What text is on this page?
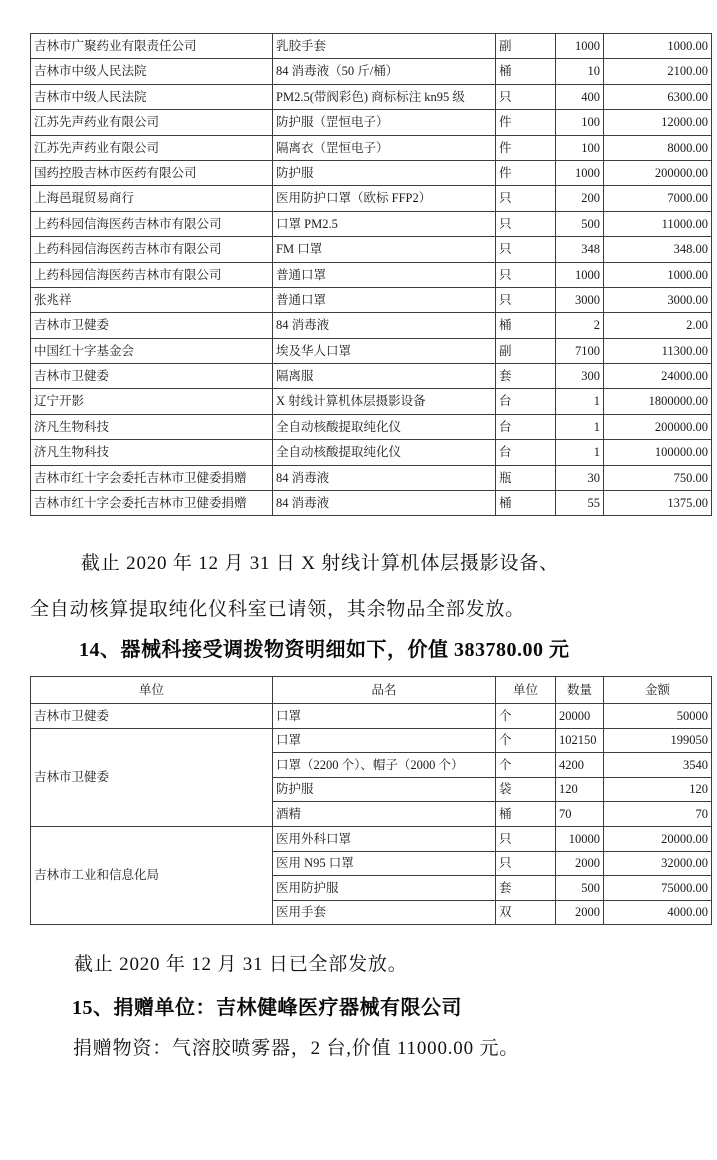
吉林市广聚药业有限责任公司	乳胶手套	副	1000	1000.00
吉林市中级人民法院	84 消毒液（50 斤/桶）	桶	10	2100.00
吉林市中级人民法院	PM2.5(带阀彩色) 商标标注 kn95 级	只	400	6300.00
江苏先声药业有限公司	防护服（罡恒电子）	件	100	12000.00
江苏先声药业有限公司	隔离衣（罡恒电子）	件	100	8000.00
国药控股吉林市医药有限公司	防护服	件	1000	200000.00
上海邑琨贸易商行	医用防护口罩（欧标 FFP2）	只	200	7000.00
上药科园信海医药吉林市有限公司	口罩 PM2.5	只	500	11000.00
上药科园信海医药吉林市有限公司	FM 口罩	只	348	348.00
上药科园信海医药吉林市有限公司	普通口罩	只	1000	1000.00
张兆祥	普通口罩	只	3000	3000.00
吉林市卫健委	84 消毒液	桶	2	2.00
中国红十字基金会	埃及华人口罩	副	7100	11300.00
吉林市卫健委	隔离服	套	300	24000.00
辽宁开影	X 射线计算机体层摄影设备	台	1	1800000.00
济凡生物科技	全自动核酸提取纯化仪	台	1	200000.00
济凡生物科技	全自动核酸提取纯化仪	台	1	100000.00
吉林市红十字会委托吉林市卫健委捐赠	84 消毒液	瓶	30	750.00
吉林市红十字会委托吉林市卫健委捐赠	84 消毒液	桶	55	1375.00
截止 2020 年 12 月 31 日 X 射线计算机体层摄影设备、
全自动核算提取纯化仪科室已请领，其余物品全部发放。
14、器械科接受调拨物资明细如下，价值 383780.00 元
单位	品名	单位	数量	金额
吉林市卫健委	口罩	个	20000	50000
吉林市卫健委	口罩	个	102150	199050
	口罩（2200 个）、帽子（2000 个）	个	4200	3540
	防护服	袋	120	120
	酒精	桶	70	70
吉林市工业和信息化局	医用外科口罩	只	10000	20000.00
	医用 N95 口罩	只	2000	32000.00
	医用防护服	套	500	75000.00
	医用手套	双	2000	4000.00
截止 2020 年 12 月 31 日已全部发放。
15、捐赠单位：吉林健峰医疗器械有限公司
捐赠物资：气溶胶喷雾器，2 台,价值 11000.00 元。
